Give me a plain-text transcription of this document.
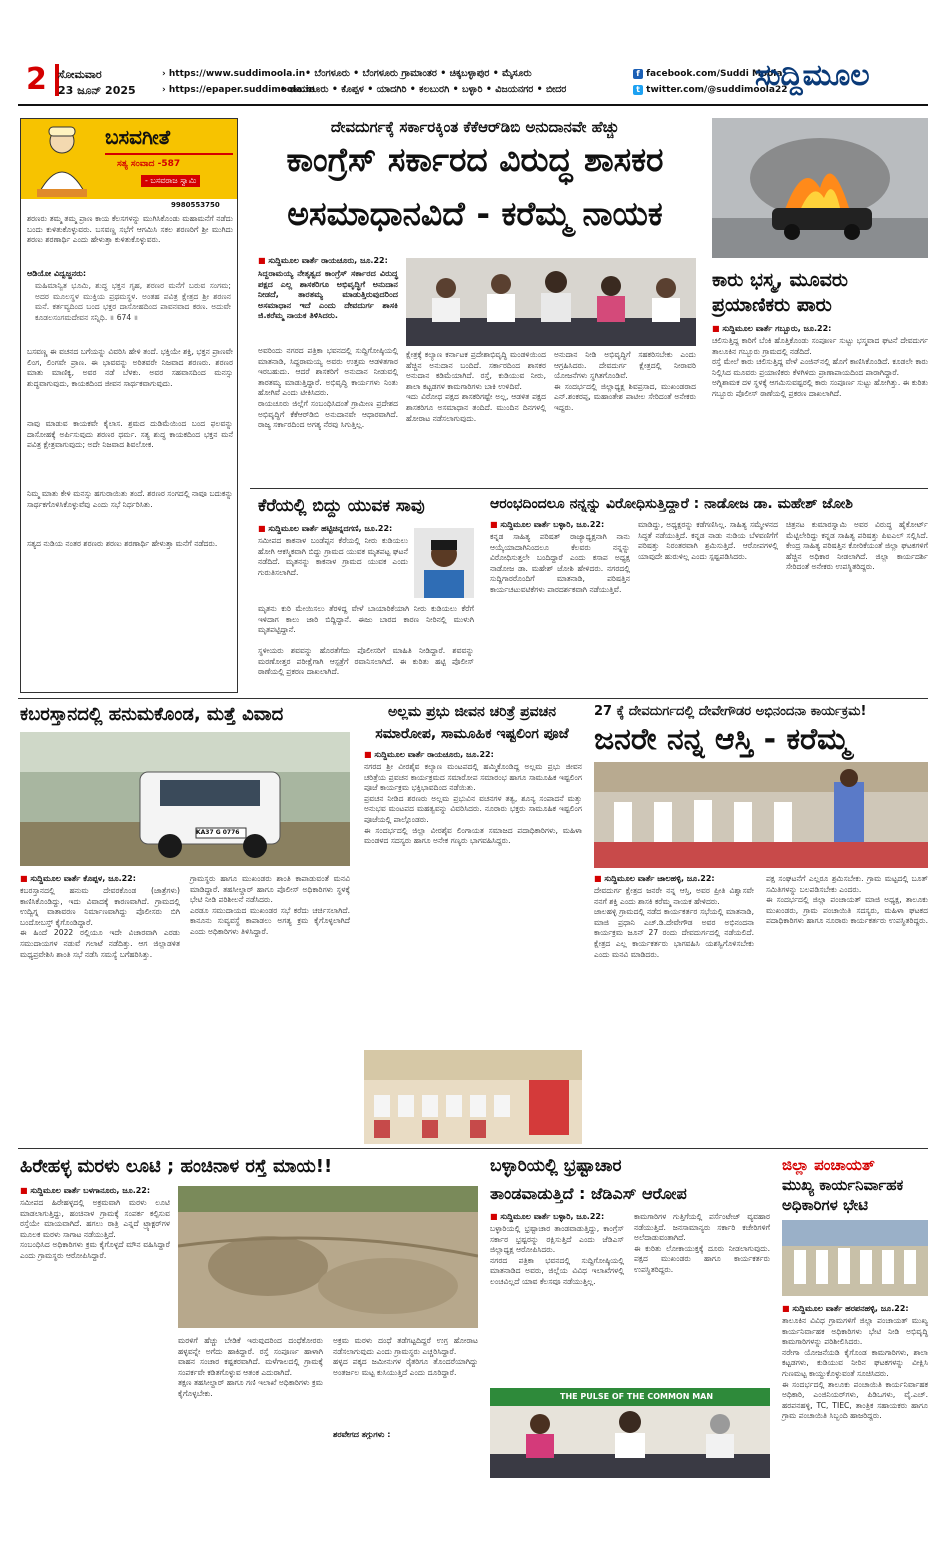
2	ಸೋಮವಾರ
23 ಜೂನ್ 2025
› https://www.suddimoola.in
› https://epaper.suddimoola.in
• ಬೆಂಗಳೂರು • ಬೆಂಗಳೂರು ಗ್ರಾಮಾಂತರ • ಚಿಕ್ಕಬಳ್ಳಾಪುರ • ಮೈಸೂರು
• ರಾಯಚೂರು • ಕೊಪ್ಪಳ • ಯಾದಗಿರಿ • ಕಲಬುರಗಿ • ಬಳ್ಳಾರಿ • ವಿಜಯನಗರ • ಬೀದರ
f facebook.com/Suddi Moola
t twitter.com/@suddimoola22
ಸುದ್ದಿಮೂಲ
ಬಸವಗೀತೆ
ಸತ್ಯ ಸಂವಾದ -587
- ಬಸವರಾಜ ಸ್ವಾಮಿ
9980553750
ಶರಣರು ತಮ್ಮ ತಮ್ಮ ಪ್ರಾಣ ಕಾಯ ಕೆಲಸಗಳನ್ನು ಮುಗಿಸಿಕೊಂಡು ಮಹಾಮನೆಗೆ ನಡೆದು ಬಂದು ಕುಳಿತುಕೊಳ್ಳುವರು. ಬಸವಣ್ಣ ಸಭೆಗೆ ಆಗಮಿಸಿ ಸಕಲ ಶರಣರಿಗೆ ಶ್ರೀ ಮುಗಿದು ಶರಣು ಶರಣಾರ್ಥಿ ಎಂದು ಹೇಳುತ್ತಾ ಕುಳಿತುಕೊಳ್ಳುವರು.
ಆಡಿಯೋ ವಿದ್ವಜ್ಜನರು:
ಮಹಿಮಾನ್ವಿತ ಭೂಮಿ, ಶುದ್ಧ ಭಕ್ತನ ಗೃಹ, ಶರಣರ ಮನೆಗೆ ಬರುವ ಸಂಗಮ; ಅದರ ಮೂಲಸ್ಥಳ ಮುಕ್ತಿಯ ಪ್ರಥಮಸ್ಥಳ. ಅಂತಹ ಪವಿತ್ರ ಕ್ಷೇತ್ರದ ಶ್ರೀ ಶರಣನ ಮನೆ. ಕರ್ತವ್ಯದಿಂದ ಬಂದ ಭಕ್ತರ ದಾಸೋಹದಿಂದ ಪಾವನವಾದ ಕರಣ. ಅದುವೇ ಕೂಡಲಸಂಗಮದೇವನ ಸನ್ನಿಧಿ. ॥ 674 ॥
ಬಸವಣ್ಣ ಈ ವಚನದ ಬಗೆಯನ್ನು ವಿವರಿಸಿ ಹೇಳಿ ತಂದೆ. ಭಕ್ತಿಯೇ ಶಕ್ತಿ, ಭಕ್ತನ ಪ್ರಾಣವೇ ಲಿಂಗ, ಲಿಂಗವೇ ಪ್ರಾಣ. ಈ ಭಾವವನ್ನು ಅರಿತವರೇ ನಿಜವಾದ ಶರಣರು. ಶರಣರ ಮಾತು ಮಾಣಿಕ್ಯ, ಅವರ ನಡೆ ಬೆಳಕು. ಅವರ ಸಹವಾಸದಿಂದ ಮನಸ್ಸು ಶುದ್ಧವಾಗುವುದು, ಕಾಯಕದಿಂದ ಜೀವನ ಸಾರ್ಥಕವಾಗುವುದು.
ನಾವು ಮಾಡುವ ಕಾಯಕವೇ ಕೈಲಾಸ. ಶ್ರಮದ ದುಡಿಮೆಯಿಂದ ಬಂದ ಫಲವನ್ನು ದಾಸೋಹಕ್ಕೆ ಅರ್ಪಿಸುವುದು ಶರಣರ ಧರ್ಮ. ಸತ್ಯ ಶುದ್ಧ ಕಾಯಕದಿಂದ ಭಕ್ತನ ಮನೆ ಪವಿತ್ರ ಕ್ಷೇತ್ರವಾಗುವುದು; ಅದೇ ನಿಜವಾದ ಶಿವಲೋಕ.
ನಿಮ್ಮ ಮಾತು ಕೇಳಿ ಮನಸ್ಸು ಹಗುರಾಯಿತು ತಂದೆ. ಶರಣರ ಸಂಗದಲ್ಲಿ ನಾವೂ ಬದುಕನ್ನು ಸಾರ್ಥಕಗೊಳಿಸಿಕೊಳ್ಳುವೆವು ಎಂದು ಸಭೆ ನಿರ್ಧರಿಸಿತು.
ಸತ್ಯದ ನುಡಿಯ ನಂತರ ಶರಣರು ಶರಣು ಶರಣಾರ್ಥಿ ಹೇಳುತ್ತಾ ಮನೆಗೆ ನಡೆದರು.
ದೇವದುರ್ಗಕ್ಕೆ ಸರ್ಕಾರಕ್ಕಿಂತ ಕೆಕೆಆರ್‌ಡಿಬಿ ಅನುದಾನವೇ ಹೆಚ್ಚು
ಕಾಂಗ್ರೆಸ್ ಸರ್ಕಾರದ ವಿರುದ್ಧ ಶಾಸಕರ
ಅಸಮಾಧಾನವಿದೆ - ಕರೆಮ್ಮ ನಾಯಕ
■ ಸುದ್ದಿಮೂಲ ವಾರ್ತೆ ರಾಯಚೂರು, ಜೂ.22:
ಸಿದ್ದರಾಮಯ್ಯ ನೇತೃತ್ವದ ಕಾಂಗ್ರೆಸ್ ಸರ್ಕಾರದ ವಿರುದ್ಧ ಪಕ್ಷದ ಎಲ್ಲ ಶಾಸಕರಿಗೂ ಅಭಿವೃದ್ಧಿಗೆ ಅನುದಾನ ನೀಡದೆ, ತಾರತಮ್ಯ ಮಾಡುತ್ತಿರುವುದರಿಂದ ಅಸಮಾಧಾನ ಇದೆ ಎಂದು ದೇವದುರ್ಗ ಶಾಸಕಿ ಜಿ.ಕರೆಮ್ಮ ನಾಯಕ ತಿಳಿಸಿದರು.
ಅವರಿಂದು ನಗರದ ಪತ್ರಿಕಾ ಭವನದಲ್ಲಿ ಸುದ್ದಿಗೋಷ್ಠಿಯಲ್ಲಿ ಮಾತನಾಡಿ, ಸಿದ್ದರಾಮಯ್ಯ ಅವರು ಉತ್ತಮ ಆಡಳಿತಗಾರ ಇರಬಹುದು. ಆದರೆ ಶಾಸಕರಿಗೆ ಅನುದಾನ ನೀಡುವಲ್ಲಿ ತಾರತಮ್ಯ ಮಾಡುತ್ತಿದ್ದಾರೆ. ಅಭಿವೃದ್ಧಿ ಕಾರ್ಯಗಳು ನಿಂತು ಹೋಗಿವೆ ಎಂದು ಟೀಕಿಸಿದರು.
ರಾಯಚೂರು ಜಿಲ್ಲೆಗೆ ಸಂಬಂಧಿಸಿದಂತೆ ಗ್ರಾಮೀಣ ಪ್ರದೇಶದ ಅಭಿವೃದ್ಧಿಗೆ ಕೆಕೆಆರ್‌ಡಿಬಿ ಅನುದಾನವೇ ಆಧಾರವಾಗಿದೆ. ರಾಜ್ಯ ಸರ್ಕಾರದಿಂದ ಅಗತ್ಯ ನೆರವು ಸಿಗುತ್ತಿಲ್ಲ.
ಕ್ಷೇತ್ರಕ್ಕೆ ಕಲ್ಯಾಣ ಕರ್ನಾಟಕ ಪ್ರದೇಶಾಭಿವೃದ್ಧಿ ಮಂಡಳಿಯಿಂದ ಹೆಚ್ಚಿನ ಅನುದಾನ ಬಂದಿದೆ. ಸರ್ಕಾರದಿಂದ ಶಾಸಕರ ಅನುದಾನ ಕಡಿಮೆಯಾಗಿದೆ. ರಸ್ತೆ, ಕುಡಿಯುವ ನೀರು, ಶಾಲಾ ಕಟ್ಟಡಗಳ ಕಾಮಗಾರಿಗಳು ಬಾಕಿ ಉಳಿದಿವೆ.
ಇದು ವಿರೋಧ ಪಕ್ಷದ ಶಾಸಕರಿಗಷ್ಟೇ ಅಲ್ಲ, ಆಡಳಿತ ಪಕ್ಷದ ಶಾಸಕರಿಗೂ ಅಸಮಾಧಾನ ತಂದಿದೆ. ಮುಂದಿನ ದಿನಗಳಲ್ಲಿ ಹೋರಾಟ ನಡೆಸಲಾಗುವುದು.
ಅನುದಾನ ನೀಡಿ ಅಭಿವೃದ್ಧಿಗೆ ಸಹಕರಿಸಬೇಕು ಎಂದು ಆಗ್ರಹಿಸಿದರು. ದೇವದುರ್ಗ ಕ್ಷೇತ್ರದಲ್ಲಿ ನೀರಾವರಿ ಯೋಜನೆಗಳು ಸ್ಥಗಿತಗೊಂಡಿವೆ.
ಈ ಸಂದರ್ಭದಲ್ಲಿ ಜಿಲ್ಲಾಧ್ಯಕ್ಷ ಶಿವಪ್ರಸಾದ, ಮುಖಂಡರಾದ ಎನ್.ಶಂಕರಪ್ಪ, ಮಹಾಂತೇಶ ಪಾಟೀಲ ಸೇರಿದಂತೆ ಅನೇಕರು ಇದ್ದರು.
ಕಾರು ಭಸ್ಮ, ಮೂವರು ಪ್ರಯಾಣಿಕರು ಪಾರು
■ ಸುದ್ದಿಮೂಲ ವಾರ್ತೆ ಗಬ್ಬೂರು, ಜೂ.22:
ಚಲಿಸುತ್ತಿದ್ದ ಕಾರಿಗೆ ಬೆಂಕಿ ಹೊತ್ತಿಕೊಂಡು ಸಂಪೂರ್ಣ ಸುಟ್ಟು ಭಸ್ಮವಾದ ಘಟನೆ ದೇವದುರ್ಗ ತಾಲೂಕಿನ ಗಬ್ಬೂರು ಗ್ರಾಮದಲ್ಲಿ ನಡೆದಿದೆ.
ರಸ್ತೆ ಮೇಲೆ ಕಾರು ಚಲಿಸುತ್ತಿದ್ದ ವೇಳೆ ಎಂಜಿನ್‌ನಲ್ಲಿ ಹೊಗೆ ಕಾಣಿಸಿಕೊಂಡಿದೆ. ಕೂಡಲೇ ಕಾರು ನಿಲ್ಲಿಸಿದ ಮೂವರು ಪ್ರಯಾಣಿಕರು ಕೆಳಗಿಳಿದು ಪ್ರಾಣಾಪಾಯದಿಂದ ಪಾರಾಗಿದ್ದಾರೆ.
ಅಗ್ನಿಶಾಮಕ ದಳ ಸ್ಥಳಕ್ಕೆ ಆಗಮಿಸುವಷ್ಟರಲ್ಲಿ ಕಾರು ಸಂಪೂರ್ಣ ಸುಟ್ಟು ಹೋಗಿತ್ತು. ಈ ಕುರಿತು ಗಬ್ಬೂರು ಪೊಲೀಸ್ ಠಾಣೆಯಲ್ಲಿ ಪ್ರಕರಣ ದಾಖಲಾಗಿದೆ.
ಕೆರೆಯಲ್ಲಿ ಬಿದ್ದು ಯುವಕ ಸಾವು
■ ಸುದ್ದಿಮೂಲ ವಾರ್ತೆ ಹಟ್ಟಿಚಿನ್ನದಗಣಿ, ಜೂ.22:
ಸಮೀಪದ ಕಾಕನಾಳ ಬಂಡೆಪ್ಪನ ಕೆರೆಯಲ್ಲಿ ನೀರು ಕುಡಿಯಲು ಹೋಗಿ ಆಕಸ್ಮಿಕವಾಗಿ ಬಿದ್ದು ಗ್ರಾಮದ ಯುವಕ ಮೃತಪಟ್ಟ ಘಟನೆ ನಡೆದಿದೆ. ಮೃತನನ್ನು ಕಾಕನಾಳ ಗ್ರಾಮದ ಯುವಕ ಎಂದು ಗುರುತಿಸಲಾಗಿದೆ.
ಮೃತನು ಕುರಿ ಮೇಯಿಸಲು ತೆರಳಿದ್ದ ವೇಳೆ ಬಾಯಾರಿಕೆಯಾಗಿ ನೀರು ಕುಡಿಯಲು ಕೆರೆಗೆ ಇಳಿದಾಗ ಕಾಲು ಜಾರಿ ಬಿದ್ದಿದ್ದಾನೆ. ಈಜು ಬಾರದ ಕಾರಣ ನೀರಿನಲ್ಲಿ ಮುಳುಗಿ ಮೃತಪಟ್ಟಿದ್ದಾನೆ.
ಸ್ಥಳೀಯರು ಶವವನ್ನು ಹೊರತೆಗೆದು ಪೊಲೀಸರಿಗೆ ಮಾಹಿತಿ ನೀಡಿದ್ದಾರೆ. ಶವವನ್ನು ಮರಣೋತ್ತರ ಪರೀಕ್ಷೆಗಾಗಿ ಆಸ್ಪತ್ರೆಗೆ ರವಾನಿಸಲಾಗಿದೆ. ಈ ಕುರಿತು ಹಟ್ಟಿ ಪೊಲೀಸ್ ಠಾಣೆಯಲ್ಲಿ ಪ್ರಕರಣ ದಾಖಲಾಗಿದೆ.
ಆರಂಭದಿಂದಲೂ ನನ್ನನ್ನು ವಿರೋಧಿಸುತ್ತಿದ್ದಾರೆ : ನಾಡೋಜ ಡಾ. ಮಹೇಶ್ ಜೋಶಿ
■ ಸುದ್ದಿಮೂಲ ವಾರ್ತೆ ಬಳ್ಳಾರಿ, ಜೂ.22:
ಕನ್ನಡ ಸಾಹಿತ್ಯ ಪರಿಷತ್ ರಾಜ್ಯಾಧ್ಯಕ್ಷನಾಗಿ ನಾನು ಆಯ್ಕೆಯಾದಾಗಿನಿಂದಲೂ ಕೆಲವರು ನನ್ನನ್ನು ವಿರೋಧಿಸುತ್ತಲೇ ಬಂದಿದ್ದಾರೆ ಎಂದು ಕಸಾಪ ಅಧ್ಯಕ್ಷ ನಾಡೋಜ ಡಾ. ಮಹೇಶ್ ಜೋಶಿ ಹೇಳಿದರು. ನಗರದಲ್ಲಿ ಸುದ್ದಿಗಾರರೊಂದಿಗೆ ಮಾತನಾಡಿ, ಪರಿಷತ್ತಿನ ಕಾರ್ಯಚಟುವಟಿಕೆಗಳು ಪಾರದರ್ಶಕವಾಗಿ ನಡೆಯುತ್ತಿವೆ.
ಮಾಡಿದ್ದು, ಅಧ್ಯಕ್ಷರನ್ನು ಕಡೆಗಣಿಸಿಲ್ಲ. ಸಾಹಿತ್ಯ ಸಮ್ಮೇಳನದ ಸಿದ್ಧತೆ ನಡೆಯುತ್ತಿದೆ. ಕನ್ನಡ ನಾಡು ನುಡಿಯ ಬೆಳವಣಿಗೆಗೆ ಪರಿಷತ್ತು ನಿರಂತರವಾಗಿ ಶ್ರಮಿಸುತ್ತಿದೆ. ಆರೋಪಗಳಲ್ಲಿ ಯಾವುದೇ ಹುರುಳಿಲ್ಲ ಎಂದು ಸ್ಪಷ್ಟಪಡಿಸಿದರು.
ಚಿತ್ರನಟ ಕುಮಾರಸ್ವಾಮಿ ಅವರ ವಿರುದ್ಧ ಹೈಕೋರ್ಟ್ ಮೆಟ್ಟಿಲೇರಿದ್ದು ಕನ್ನಡ ಸಾಹಿತ್ಯ ಪರಿಷತ್ತು ಪಿಐಎಲ್ ಸಲ್ಲಿಸಿದೆ. ಕೇಂದ್ರ ಸಾಹಿತ್ಯ ಪರಿಷತ್ತಿನ ಕೋರಿಕೆಯಂತೆ ಜಿಲ್ಲಾ ಘಟಕಗಳಿಗೆ ಹೆಚ್ಚಿನ ಅಧಿಕಾರ ನೀಡಲಾಗಿದೆ. ಜಿಲ್ಲಾ ಕಾರ್ಯದರ್ಶಿ ಸೇರಿದಂತೆ ಅನೇಕರು ಉಪಸ್ಥಿತರಿದ್ದರು.
ಕಬರಸ್ತಾನದಲ್ಲಿ ಹನುಮಕೊಂಡ, ಮತ್ತೆ ವಿವಾದ
KA37 G 0776
■ ಸುದ್ದಿಮೂಲ ವಾರ್ತೆ ಕೊಪ್ಪಳ, ಜೂ.22:
ಕಬರಸ್ತಾನದಲ್ಲಿ ಹನುಮ ದೇವರಕೊಂಡ (ಜಾತ್ರೆಗಳು) ಕಾಣಿಸಿಕೊಂಡಿದ್ದು, ಇದು ವಿವಾದಕ್ಕೆ ಕಾರಣವಾಗಿದೆ. ಗ್ರಾಮದಲ್ಲಿ ಉದ್ವಿಗ್ನ ವಾತಾವರಣ ನಿರ್ಮಾಣವಾಗಿದ್ದು ಪೊಲೀಸರು ಬಿಗಿ ಬಂದೋಬಸ್ತ್ ಕೈಗೊಂಡಿದ್ದಾರೆ.
ಈ ಹಿಂದೆ 2022 ರಲ್ಲಿಯೂ ಇದೇ ವಿಚಾರವಾಗಿ ಎರಡು ಸಮುದಾಯಗಳ ನಡುವೆ ಗಲಾಟೆ ನಡೆದಿತ್ತು. ಆಗ ಜಿಲ್ಲಾಡಳಿತ ಮಧ್ಯಪ್ರವೇಶಿಸಿ ಶಾಂತಿ ಸಭೆ ನಡೆಸಿ ಸಮಸ್ಯೆ ಬಗೆಹರಿಸಿತ್ತು.
ಗ್ರಾಮಸ್ಥರು ಹಾಗೂ ಮುಖಂಡರು ಶಾಂತಿ ಕಾಪಾಡುವಂತೆ ಮನವಿ ಮಾಡಿದ್ದಾರೆ. ತಹಸೀಲ್ದಾರ್ ಹಾಗೂ ಪೊಲೀಸ್ ಅಧಿಕಾರಿಗಳು ಸ್ಥಳಕ್ಕೆ ಭೇಟಿ ನೀಡಿ ಪರಿಶೀಲನೆ ನಡೆಸಿದರು.
ಎರಡೂ ಸಮುದಾಯದ ಮುಖಂಡರ ಸಭೆ ಕರೆದು ಚರ್ಚಿಸಲಾಗಿದೆ. ಕಾನೂನು ಸುವ್ಯವಸ್ಥೆ ಕಾಪಾಡಲು ಅಗತ್ಯ ಕ್ರಮ ಕೈಗೊಳ್ಳಲಾಗಿದೆ ಎಂದು ಅಧಿಕಾರಿಗಳು ತಿಳಿಸಿದ್ದಾರೆ.
ಅಲ್ಲಮ ಪ್ರಭು ಜೀವನ ಚರಿತ್ರೆ ಪ್ರವಚನ
ಸಮಾರೋಪ, ಸಾಮೂಹಿಕ ಇಷ್ಟಲಿಂಗ ಪೂಜೆ
■ ಸುದ್ದಿಮೂಲ ವಾರ್ತೆ ರಾಯಚೂರು, ಜೂ.22:
ನಗರದ ಶ್ರೀ ವೀರಶೈವ ಕಲ್ಯಾಣ ಮಂಟಪದಲ್ಲಿ ಹಮ್ಮಿಕೊಂಡಿದ್ದ ಅಲ್ಲಮ ಪ್ರಭು ಜೀವನ ಚರಿತ್ರೆಯ ಪ್ರವಚನ ಕಾರ್ಯಕ್ರಮದ ಸಮಾರೋಪ ಸಮಾರಂಭ ಹಾಗೂ ಸಾಮೂಹಿಕ ಇಷ್ಟಲಿಂಗ ಪೂಜೆ ಕಾರ್ಯಕ್ರಮ ಭಕ್ತಿಭಾವದಿಂದ ನಡೆಯಿತು.
ಪ್ರವಚನ ನೀಡಿದ ಶರಣರು ಅಲ್ಲಮ ಪ್ರಭುವಿನ ವಚನಗಳ ತತ್ವ, ಶೂನ್ಯ ಸಂಪಾದನೆ ಮತ್ತು ಅನುಭವ ಮಂಟಪದ ಮಹತ್ವವನ್ನು ವಿವರಿಸಿದರು. ನೂರಾರು ಭಕ್ತರು ಸಾಮೂಹಿಕ ಇಷ್ಟಲಿಂಗ ಪೂಜೆಯಲ್ಲಿ ಪಾಲ್ಗೊಂಡರು.
ಈ ಸಂದರ್ಭದಲ್ಲಿ ಜಿಲ್ಲಾ ವೀರಶೈವ ಲಿಂಗಾಯತ ಸಮಾಜದ ಪದಾಧಿಕಾರಿಗಳು, ಮಹಿಳಾ ಮಂಡಳದ ಸದಸ್ಯರು ಹಾಗೂ ಅನೇಕ ಗಣ್ಯರು ಭಾಗವಹಿಸಿದ್ದರು.
27 ಕ್ಕೆ ದೇವದುರ್ಗದಲ್ಲಿ ದೇವೇಗೌಡರ ಅಭಿನಂದನಾ ಕಾರ್ಯಕ್ರಮ!
ಜನರೇ ನನ್ನ ಆಸ್ತಿ - ಕರೆಮ್ಮ
■ ಸುದ್ದಿಮೂಲ ವಾರ್ತೆ ಜಾಲಹಳ್ಳಿ, ಜೂ.22:
ದೇವದುರ್ಗ ಕ್ಷೇತ್ರದ ಜನರೇ ನನ್ನ ಆಸ್ತಿ, ಅವರ ಪ್ರೀತಿ ವಿಶ್ವಾಸವೇ ನನಗೆ ಶಕ್ತಿ ಎಂದು ಶಾಸಕಿ ಕರೆಮ್ಮ ನಾಯಕ ಹೇಳಿದರು.
ಜಾಲಹಳ್ಳಿ ಗ್ರಾಮದಲ್ಲಿ ನಡೆದ ಕಾರ್ಯಕರ್ತರ ಸಭೆಯಲ್ಲಿ ಮಾತನಾಡಿ, ಮಾಜಿ ಪ್ರಧಾನಿ ಎಚ್.ಡಿ.ದೇವೇಗೌಡ ಅವರ ಅಭಿನಂದನಾ ಕಾರ್ಯಕ್ರಮ ಜೂನ್ 27 ರಂದು ದೇವದುರ್ಗದಲ್ಲಿ ನಡೆಯಲಿದೆ. ಕ್ಷೇತ್ರದ ಎಲ್ಲ ಕಾರ್ಯಕರ್ತರು ಭಾಗವಹಿಸಿ ಯಶಸ್ವಿಗೊಳಿಸಬೇಕು ಎಂದು ಮನವಿ ಮಾಡಿದರು.
ಪಕ್ಷ ಸಂಘಟನೆಗೆ ಎಲ್ಲರೂ ಶ್ರಮಿಸಬೇಕು. ಗ್ರಾಮ ಮಟ್ಟದಲ್ಲಿ ಬೂತ್ ಸಮಿತಿಗಳನ್ನು ಬಲಪಡಿಸಬೇಕು ಎಂದರು.
ಈ ಸಂದರ್ಭದಲ್ಲಿ ಜಿಲ್ಲಾ ಪಂಚಾಯತ್ ಮಾಜಿ ಅಧ್ಯಕ್ಷ, ತಾಲೂಕು ಮುಖಂಡರು, ಗ್ರಾಮ ಪಂಚಾಯಿತಿ ಸದಸ್ಯರು, ಮಹಿಳಾ ಘಟಕದ ಪದಾಧಿಕಾರಿಗಳು ಹಾಗೂ ನೂರಾರು ಕಾರ್ಯಕರ್ತರು ಉಪಸ್ಥಿತರಿದ್ದರು.
ಹಿರೇಹಳ್ಳ ಮರಳು ಲೂಟಿ ; ಹಂಚಿನಾಳ ರಸ್ತೆ ಮಾಯ!!
■ ಸುದ್ದಿಮೂಲ ವಾರ್ತೆ ಬಳಗಾನೂರು, ಜೂ.22:
ಸಮೀಪದ ಹಿರೇಹಳ್ಳದಲ್ಲಿ ಅಕ್ರಮವಾಗಿ ಮರಳು ಲೂಟಿ ಮಾಡಲಾಗುತ್ತಿದ್ದು, ಹಂಚಿನಾಳ ಗ್ರಾಮಕ್ಕೆ ಸಂಪರ್ಕ ಕಲ್ಪಿಸುವ ರಸ್ತೆಯೇ ಮಾಯವಾಗಿದೆ. ಹಗಲು ರಾತ್ರಿ ಎನ್ನದೆ ಟ್ರ್ಯಾಕ್ಟರ್‌ಗಳ ಮೂಲಕ ಮರಳು ಸಾಗಾಟ ನಡೆಯುತ್ತಿದೆ.
ಸಂಬಂಧಿಸಿದ ಅಧಿಕಾರಿಗಳು ಕ್ರಮ ಕೈಗೊಳ್ಳದೆ ಮೌನ ವಹಿಸಿದ್ದಾರೆ ಎಂದು ಗ್ರಾಮಸ್ಥರು ಆರೋಪಿಸಿದ್ದಾರೆ.
ಮರಳಿಗೆ ಹೆಚ್ಚು ಬೇಡಿಕೆ ಇರುವುದರಿಂದ ದಂಧೆಕೋರರು ಹಳ್ಳವನ್ನೇ ಅಗೆದು ಹಾಕಿದ್ದಾರೆ. ರಸ್ತೆ ಸಂಪೂರ್ಣ ಹಾಳಾಗಿ ವಾಹನ ಸಂಚಾರ ಕಷ್ಟಕರವಾಗಿದೆ. ಮಳೆಗಾಲದಲ್ಲಿ ಗ್ರಾಮಕ್ಕೆ ಸಂಪರ್ಕವೇ ಕಡಿತಗೊಳ್ಳುವ ಆತಂಕ ಎದುರಾಗಿದೆ.
ತಕ್ಷಣ ತಹಸೀಲ್ದಾರ್ ಹಾಗೂ ಗಣಿ ಇಲಾಖೆ ಅಧಿಕಾರಿಗಳು ಕ್ರಮ ಕೈಗೊಳ್ಳಬೇಕು.
ಅಕ್ರಮ ಮರಳು ದಂಧೆ ತಡೆಗಟ್ಟದಿದ್ದರೆ ಉಗ್ರ ಹೋರಾಟ ನಡೆಸಲಾಗುವುದು ಎಂದು ಗ್ರಾಮಸ್ಥರು ಎಚ್ಚರಿಸಿದ್ದಾರೆ.
ಹಳ್ಳದ ಪಕ್ಕದ ಜಮೀನುಗಳ ರೈತರಿಗೂ ತೊಂದರೆಯಾಗಿದ್ದು ಅಂತರ್ಜಲ ಮಟ್ಟ ಕುಸಿಯುತ್ತಿದೆ ಎಂದು ದೂರಿದ್ದಾರೆ.
ಶರವೇಗದ ತಗ್ಗುಗಳು :
ಬಳ್ಳಾರಿಯಲ್ಲಿ ಭ್ರಷ್ಟಾಚಾರ
ತಾಂಡವಾಡುತ್ತಿದೆ : ಜೆಡಿಎಸ್ ಆರೋಪ
■ ಸುದ್ದಿಮೂಲ ವಾರ್ತೆ ಬಳ್ಳಾರಿ, ಜೂ.22:
ಬಳ್ಳಾರಿಯಲ್ಲಿ ಭ್ರಷ್ಟಾಚಾರ ತಾಂಡವಾಡುತ್ತಿದ್ದು, ಕಾಂಗ್ರೆಸ್ ಸರ್ಕಾರ ಭ್ರಷ್ಟರನ್ನು ರಕ್ಷಿಸುತ್ತಿದೆ ಎಂದು ಜೆಡಿಎಸ್ ಜಿಲ್ಲಾಧ್ಯಕ್ಷ ಆರೋಪಿಸಿದರು.
ನಗರದ ಪತ್ರಿಕಾ ಭವನದಲ್ಲಿ ಸುದ್ದಿಗೋಷ್ಠಿಯಲ್ಲಿ ಮಾತನಾಡಿದ ಅವರು, ಜಿಲ್ಲೆಯ ವಿವಿಧ ಇಲಾಖೆಗಳಲ್ಲಿ ಲಂಚವಿಲ್ಲದೆ ಯಾವ ಕೆಲಸವೂ ನಡೆಯುತ್ತಿಲ್ಲ.
ಕಾಮಗಾರಿಗಳ ಗುತ್ತಿಗೆಯಲ್ಲಿ ಪರ್ಸೆಂಟೇಜ್ ವ್ಯವಹಾರ ನಡೆಯುತ್ತಿದೆ. ಜನಸಾಮಾನ್ಯರು ಸರ್ಕಾರಿ ಕಚೇರಿಗಳಿಗೆ ಅಲೆದಾಡುವಂತಾಗಿದೆ.
ಈ ಕುರಿತು ಲೋಕಾಯುಕ್ತಕ್ಕೆ ದೂರು ನೀಡಲಾಗುವುದು. ಪಕ್ಷದ ಮುಖಂಡರು ಹಾಗೂ ಕಾರ್ಯಕರ್ತರು ಉಪಸ್ಥಿತರಿದ್ದರು.
THE PULSE OF THE COMMON MAN
ಜಿಲ್ಲಾ ಪಂಚಾಯತ್
ಮುಖ್ಯ ಕಾರ್ಯನಿರ್ವಾಹಕ
ಅಧಿಕಾರಿಗಳ ಭೇಟಿ
■ ಸುದ್ದಿಮೂಲ ವಾರ್ತೆ ಹರಪನಹಳ್ಳಿ, ಜೂ.22:
ತಾಲೂಕಿನ ವಿವಿಧ ಗ್ರಾಮಗಳಿಗೆ ಜಿಲ್ಲಾ ಪಂಚಾಯತ್ ಮುಖ್ಯ ಕಾರ್ಯನಿರ್ವಾಹಕ ಅಧಿಕಾರಿಗಳು ಭೇಟಿ ನೀಡಿ ಅಭಿವೃದ್ಧಿ ಕಾಮಗಾರಿಗಳನ್ನು ಪರಿಶೀಲಿಸಿದರು.
ನರೇಗಾ ಯೋಜನೆಯಡಿ ಕೈಗೊಂಡ ಕಾಮಗಾರಿಗಳು, ಶಾಲಾ ಕಟ್ಟಡಗಳು, ಕುಡಿಯುವ ನೀರಿನ ಘಟಕಗಳನ್ನು ವೀಕ್ಷಿಸಿ ಗುಣಮಟ್ಟ ಕಾಯ್ದುಕೊಳ್ಳುವಂತೆ ಸೂಚಿಸಿದರು.
ಈ ಸಂದರ್ಭದಲ್ಲಿ ತಾಲೂಕು ಪಂಚಾಯಿತಿ ಕಾರ್ಯನಿರ್ವಾಹಕ ಅಧಿಕಾರಿ, ಎಂಜಿನಿಯರ್‌ಗಳು, ಪಿಡಿಒಗಳು, ವೈ.ಎಚ್. ಹರಪನಹಳ್ಳಿ, TC, TIEC, ತಾಂತ್ರಿಕ ಸಹಾಯಕರು ಹಾಗೂ ಗ್ರಾಮ ಪಂಚಾಯಿತಿ ಸಿಬ್ಬಂದಿ ಹಾಜರಿದ್ದರು.
